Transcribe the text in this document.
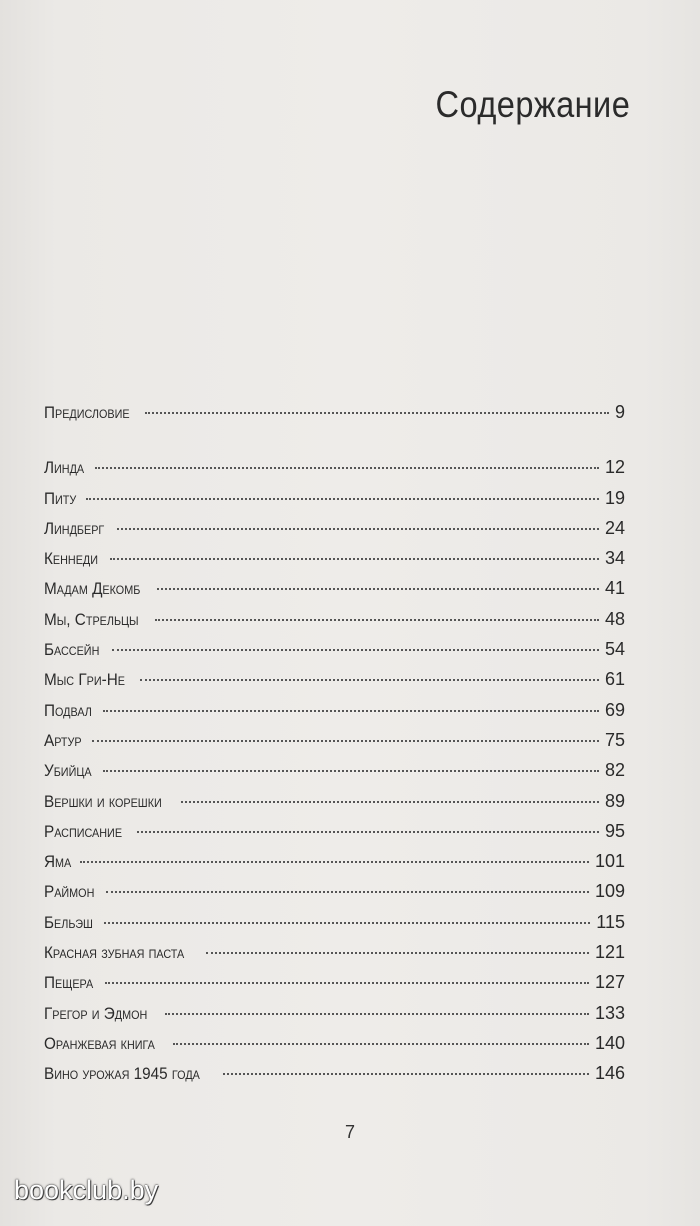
Содержание
Предисловие	9
Линда	12
Питу	19
Линдберг	24
Кеннеди	34
Мадам Декомб	41
Мы, Стрельцы	48
Бассейн	54
Мыс Гри-Не	61
Подвал	69
Артур	75
Убийца	82
Вершки и корешки	89
Расписание	95
Яма	101
Раймон	109
Бельэш	115
Красная зубная паста	121
Пещера	127
Грегор и Эдмон	133
Оранжевая книга	140
Вино урожая 1945 года	146
7
bookclub.by
